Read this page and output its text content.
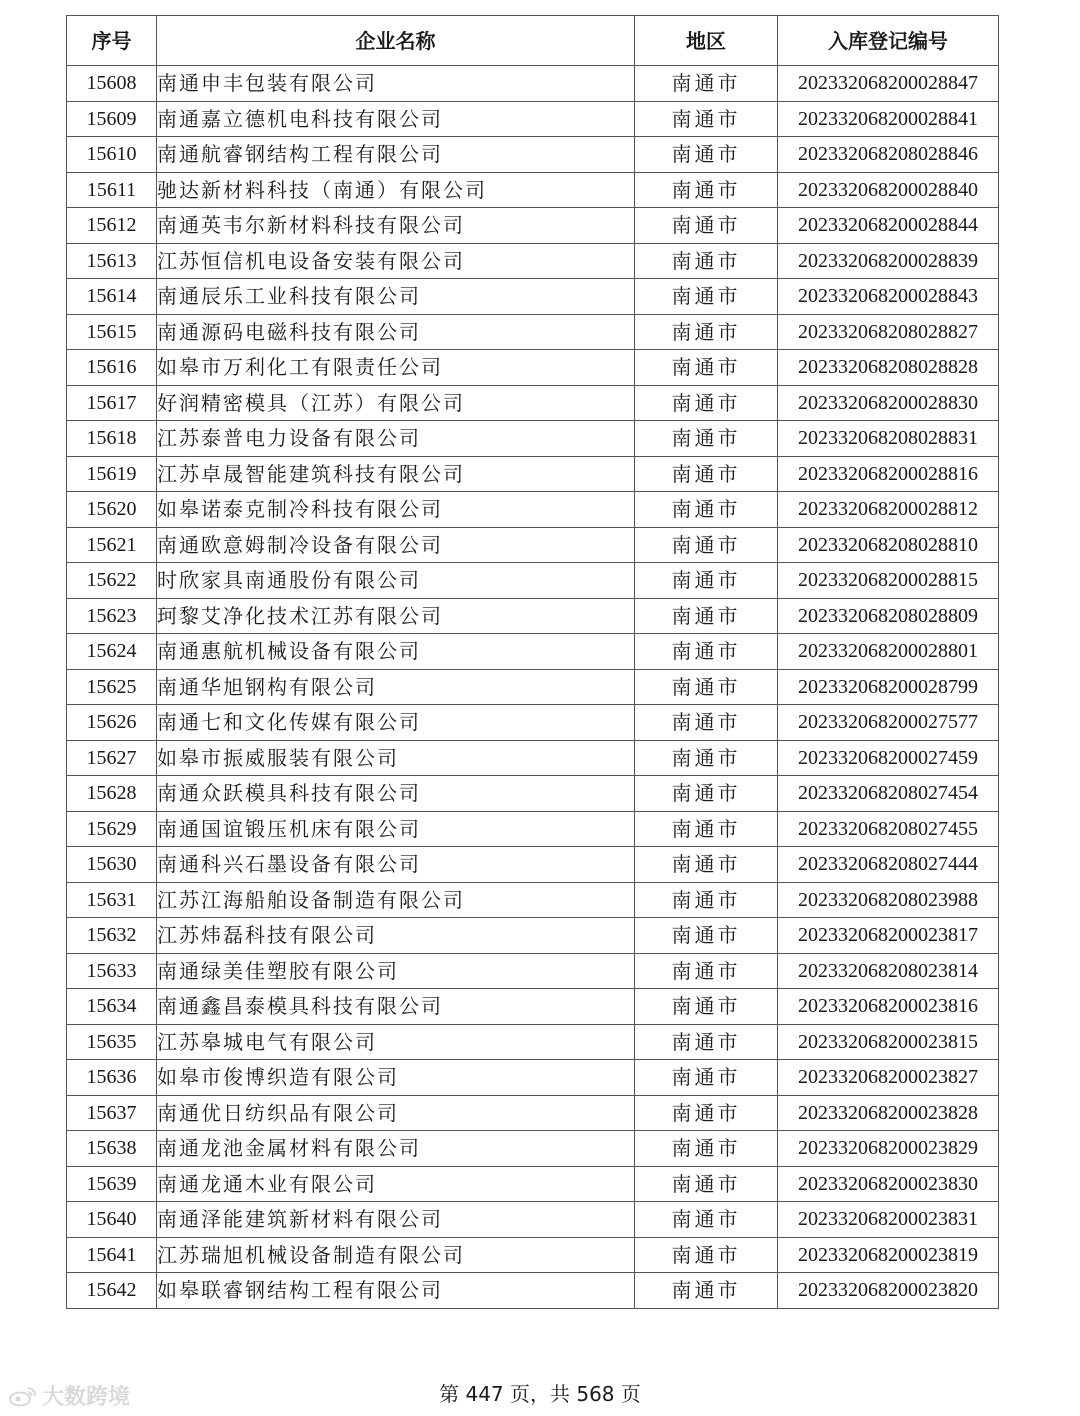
序号	企业名称	地区	入库登记编号
15608	南通申丰包装有限公司	南通市	202332068200028847
15609	南通嘉立德机电科技有限公司	南通市	202332068200028841
15610	南通航睿钢结构工程有限公司	南通市	202332068208028846
15611	驰达新材料科技（南通）有限公司	南通市	202332068200028840
15612	南通英韦尔新材料科技有限公司	南通市	202332068200028844
15613	江苏恒信机电设备安装有限公司	南通市	202332068200028839
15614	南通辰乐工业科技有限公司	南通市	202332068200028843
15615	南通源码电磁科技有限公司	南通市	202332068208028827
15616	如皋市万利化工有限责任公司	南通市	202332068208028828
15617	好润精密模具（江苏）有限公司	南通市	202332068200028830
15618	江苏泰普电力设备有限公司	南通市	202332068208028831
15619	江苏卓晟智能建筑科技有限公司	南通市	202332068200028816
15620	如皋诺泰克制冷科技有限公司	南通市	202332068200028812
15621	南通欧意姆制冷设备有限公司	南通市	202332068208028810
15622	时欣家具南通股份有限公司	南通市	202332068200028815
15623	珂黎艾净化技术江苏有限公司	南通市	202332068208028809
15624	南通惠航机械设备有限公司	南通市	202332068200028801
15625	南通华旭钢构有限公司	南通市	202332068200028799
15626	南通七和文化传媒有限公司	南通市	202332068200027577
15627	如皋市振威服装有限公司	南通市	202332068200027459
15628	南通众跃模具科技有限公司	南通市	202332068208027454
15629	南通国谊锻压机床有限公司	南通市	202332068208027455
15630	南通科兴石墨设备有限公司	南通市	202332068208027444
15631	江苏江海船舶设备制造有限公司	南通市	202332068208023988
15632	江苏炜磊科技有限公司	南通市	202332068200023817
15633	南通绿美佳塑胶有限公司	南通市	202332068208023814
15634	南通鑫昌泰模具科技有限公司	南通市	202332068200023816
15635	江苏皋城电气有限公司	南通市	202332068200023815
15636	如皋市俊博织造有限公司	南通市	202332068200023827
15637	南通优日纺织品有限公司	南通市	202332068200023828
15638	南通龙池金属材料有限公司	南通市	202332068200023829
15639	南通龙通木业有限公司	南通市	202332068200023830
15640	南通泽能建筑新材料有限公司	南通市	202332068200023831
15641	江苏瑞旭机械设备制造有限公司	南通市	202332068200023819
15642	如皋联睿钢结构工程有限公司	南通市	202332068200023820
第 447 页，共 568 页
大数跨境
